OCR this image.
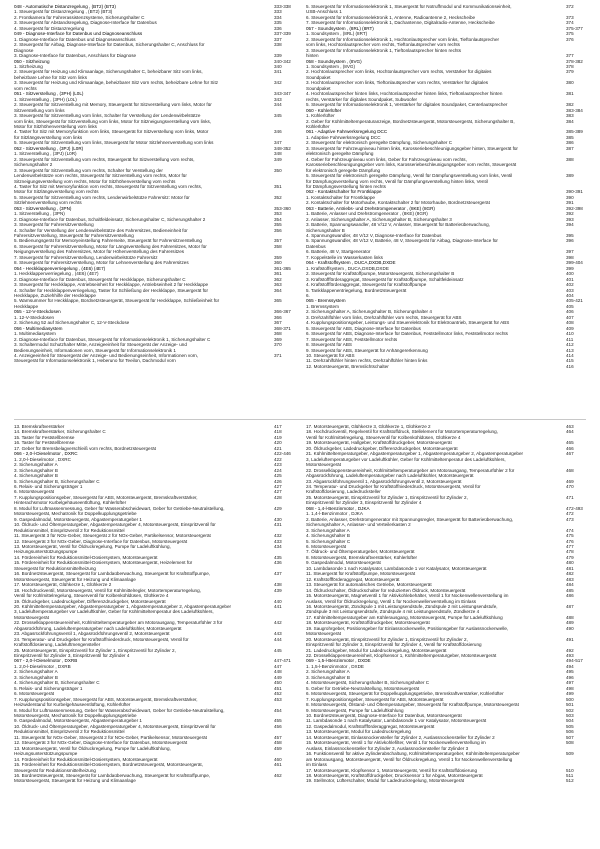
048 - Automatische Distanzregelung , (BT2) (BT3)	333-338
1. Steuergerät für Distanzregelung , (BT2) (BT3)	333
2. Frontkamera für Fahrerassistenzsysteme, Sicherungshalter C	334
3. Steuergerät für Abstandsregelung, Diagnose-Interface für Datenbus	335
4. Steuergerät für Distanzregelung	336
049 - Diagnose-Interface für Datenbus und Diagnoseanschluss	337-339
1. Diagnose-Interface für Datenbus und Diagnoseanschluss	337
2. Steuergerät für Airbag, Diagnose-Interface für Datenbus, Sicherungshalter C, Anschluss für	338
Diagnose
3. Diagnose-Interface für Datenbus, Anschluss für Diagnose	339
050 - Sitzheizung	340-342
1. Sitzheizung	340
2. Steuergerät für Heizung und Klimaanlage, Sicherungshalter C, beheizbarer Sitz vorn links,	341
beheizbare Lehne für Sitz vorn links
3. Steuergerät für Heizung und Klimaanlage, beheizbarer Sitz vorn rechts, beheizbare Lehne für Sitz	342
vorn rechts
051 - Sitzverstellung , (3PH) (L0L)	343-347
1. Sitzverstellung , (3PH) (L0L)	343
2. Steuergerät für Sitzverstellung mit Memory, Steuergerät für Sitzverstellung vorn links, Motor für	344
Sitzverstellung vorn links
3. Steuergerät für Sitzverstellung vorn links, Schalter für Verstellung der Lendenwirbelstütze	345
vorn links, Steuergerät für Sitzverstellung vorn links, Motor für Sitzneigungsverstellung vorn links,
Motor für Sitzhöhenverstellung vorn links
4. Taster für Sitz mit Memoryfunktion vorn links, Steuergerät für Sitzverstellung vorn links, Motor	346
für Sitzlängsverstellung vorn links
5. Steuergerät für Sitzverstellung vorn links, Steuergerät für Motor Sitzlehnenverstellung vorn links	347
052 - Sitzverstellung , (3PJ) (L0R)	348-352
1. Sitzverstellung , (3PJ) (L0R)	348
2. Steuergerät für Sitzverstellung vorn rechts, Steuergerät für Sitzverstellung vorn rechts,	349
Sicherungshalter 2
3. Steuergerät für Sitzverstellung vorn rechts, Schalter für Verstellung der	350
Lendenwirbelstütze vorn rechts, Steuergerät für Sitzverstellung vorn rechts, Motor für
Sitzneigungsverstellung vorn rechts, Motor für Sitzhöhenverstellung vorn rechts
4. Taster für Sitz mit Memoryfunktion vorn rechts, Steuergerät für Sitzverstellung vorn rechts,	351
Motor für Sitzlängsverstellung vorn rechts
5. Steuergerät für Sitzverstellung vorn rechts, Lendenwirbelstütze Fahrersitz: Motor für	352
Sitzlehnenverstellung vorn rechts
053 - Sitzverstellung , (3PN)	353-360
1. Sitzverstellung , (3PN)	353
2. Diagnose-Interface für Datenbus, Schaltfeldeinsatz, Sicherungshalter C, Sicherungshalter 2	354
3. Steuergerät für Fahrersitzverstellung	355
4. Schalter für Verstellung der Lendenwirbelstütze des Fahrersitzes, Bedieneinheit für	356
Fahrersitzverstellung, Steuergerät für Fahrersitzverstellung
5. Bedienungsgerät für Memoryeinstellung Fahrerseite, Steuergerät für Fahrersitzverstellung	357
6. Steuergerät für Fahrersitzverstellung, Motor für Längsverstellung des Fahrersitzes, Motor für	358
Neigungsverstellung des Fahrersitzes, Motor für Höhenverstellung des Fahrersitzes
7. Steuergerät für Fahrersitzverstellung, Lendenwirbelstütze Fahrersitz	359
8. Steuergerät für Fahrersitzverstellung, Motor für Lehnenverstellung des Fahrersitzes	360
054 - Heckklappenverriegelung , (4E6) (4E7)	361-365
1. Heckklappenverriegelung , (4E6) (4E7)	361
2. Diagnose-Interface für Datenbus, Steuergerät für Heckklappe, Sicherungshalter C	362
3. Steuergerät für Heckklappe, Antriebseinheit für Heckklappe, Antriebseinheit 2 für Heckklappe	363
4. Schalter für Heckklappenverriegelung, Taster für Schließung der Heckklappe, Steuergerät für	364
Heckklappe, Zuziehhilfe der Heckklappe
5. Warnsummer für Heckklappe, Bordnetzsteuergerät, Steuergerät für Heckklappe, Schließeinheit für	365
Heckklappe
055 - 12-V-Steckdosen	366-367
1. 12-V-Steckdosen	366
2. Sicherung 52 auf Sicherungshalter C, 12-V-Steckdose	367
056 - Multimediasystem	368-371
1. Multimediasystem	368
2. Diagnose-Interface für Datenbus, Steuergerät für Informationselektronik 1, Sicherungshalter C	369
3. Schaltermodul Schutzhalter Mitte, Anzeigeeinheit für Steuergerät der Anzeige- und	370
Bedienungseinheit, Informationen vorn, Steuergerät für Informationselektronik 1
4. Anzeigeeinheit für Steuergerät der Anzeige- und Bedienungseinheit, Informationen vorn,	371
Steuergerät für Informationselektronik 1, Heberuno für Teeilon, Dachmodul vorn
5. Steuergerät für Informationselektronik 1, Steuergerät für Notruffmodul und Kommunikationseinheit,	372
USB-Anschluss 1
6. Steuergerät für Informationselektronik 1, Antenne, Radioantenne 2, Heckscheibe	373
7. Steuergerät für Informationselektronik 1, Dachantenne, Digitalradio-Antenne, Heckscheibe	374
057 - Soundsystem , (8RL) (8RT)	375-377
1. Soundsystem , (8RL) (8RT)	375
2. Steuergerät für Informationselektronik 1, Hochtonlautsprecher vorn links, Tieftonlautsprecher	376
vorn links, Hochtonlautsprecher vorn rechts, Tieftonlautsprecher vorn rechts
3. Steuergerät für Informationselektronik 1, Tieftonlautsprecher hinten rechts
hinten	377
058 - Soundsystem , (8VG)	378-382
1. Soundsystem , (8VG)	378
2. Hochtonlautsprecher vorn links, Hochtonlautsprecher vorn rechts, Verstärker für digitales	379
Soundpaket
3. Hochtonlautsprecher vorn links, Tieftonlautsprecher vorn rechts, Verstärker für digitales	380
Soundpaket
4. Hochtonlautsprecher hinten links, Hochtonlautsprecher hinten links, Tieftonlautsprecher hinten	381
rechts, Verstärker für digitales Soundpaket, Subwoofer
5. Steuergerät für Informationselektronik 1, Verstärker für digitales Soundpaket, Centerlautsprecher	382
060 - Kühlerlüfter	383-384
1. Kühlerlüfter	383
2. Geber für Kühlmitteltemperaturanzeige, Bordnetzsteuergerät, Motorsteuergerät, Sicherungshalter B,	384
Kühlerlüfter
061 - Adaptive Fahrwerksregelung DCC	385-389
1. Adaptive Fahrwerksregelung DCC	385
2. Steuergerät für elektronisch geregelte Dämpfung, Sicherungshalter C	386
3. Steuergerät für Fahrzeugniveau hinten links, Karosseriebeschleunigungsgeber hinten, Steuergerät für	387
elektronisch geregelte Dämpfung
4. Geber für Fahrzeugniveau vorn links, Geber für Fahrzeugniveau vorn rechts,	388
Karosseriebeschleunigungsgeber vorn links, Karosseriebeschleunigungsgeber vorn rechts, Steuergerät
für elektronisch geregelte Dämpfung
5. Steuergerät für elektronisch geregelte Dämpfung, Ventil für Dämpfungsverstellung vorn links, Ventil	389
für Dämpfungsverstellung vorn rechts, Ventil für Dämpfungsverstellung hinten links, Ventil
für Dämpfungsverstellung hinten rechts
062 - Kontaktschalter für Frontklappe	390-391
1. Kontaktschalter für Frontklappe	390
2. Kontaktschalter für Motorhaube, Kontaktschalter 2 für Motorhaube, Bordnetzsteuergerät	391
063 - Batterie, Antriebs- und Drehstromgenerator , (8KE) (8GR)	392-398
1. Batterie, Anlasser und Drehstromgenerator , (8KE) (8GR)	392
2. Anlasser, Sicherungshalter A, Sicherungshalter B, Sicherungshalter 3	393
3. Batterie, Spannungswandler, 48 V/12 V, Anlasser, Steuergerät für Batterieüberwachung,	394
Sicherungshalter B
4. Spannungswandler, 48 V/12 V, Diagnose-Interface für Datenbus	395
5. Spannungswandler, 48 V/12 V, Batterie, 48 V, Steuergerät für Airbag, Diagnose-Interface für	396
Datenbus
6. Batterie, 48 V, Startgenerator	397
7. Koppelstelle im Wasserkasten links	398
064 - Kraftstoffsystem , DUCA,DXDB,DXDE	399-404
1. Kraftstoffsystem , DUCA,DXDB,DXDE	399
2. Steuergerät für Kraftstoffpumpe, Motorsteuergerät, Sicherungshalter B	400
3. Kraftstoffförderaggregat, Steuergerät für Kraftstoffpumpe, Schaltfeldeinsatz	401
4. Kraftstoffförderaggregat, Steuergerät für Kraftstoffpumpe	402
5. Tankklappenentriegelung, Bordnetzsteuergerät	403
6.	404
065 - Bremssystem	405-421
1. Bremssystem	405
2. Sicherungshalter A, Sicherungshalter B, Sicherungshalter 4	406
3. Drehzahlfühler vorn links, Drehzahlfühler vorn rechts, Steuergerät für ABS	407
4. Kupplungspositionsgeber, Leistungs- und Steuerelektronik für Elektroantrieb, Steuergerät für ABS	408
5. Steuergerät für ABS, Diagnose-Interface für Datenbus	409
6. Steuergerät für ABS, Diagnose-Interface für Datenbus, Feststellmotor links, Feststellmotor rechts	410
7. Steuergerät für ABS, Feststellmotor rechts	411
8. Steuergerät für ABS	412
9. Steuergerät für ABS, Steuergerät für Anhängererkennung	413
10. Steuergerät für ABS	414
11. Drehzahlfühler hinten rechts, Drehzahlfühler hinten links	415
12. Motorsteuergerät, Bremslichtschalter	416
13. Bremskraftverstärker	417
14. Bremskraftverstärker, Sicherungshalter C	418
15. Taster für Feststellbremse	419
16. Taster für Feststellbremse	420
17. Geber für Bremsbelagverschleiß vorn rechts, Bordnetzsteuergerät	421
066 - 2,0-l-Dieselmotor , DXRC	422-446
1. 2,0-l-Dieselmotor , DXRC	422
2. Sicherungshalter A	423
3. Sicherungshalter B	424
4. Sicherungshalter B	425
5. Sicherungshalter B, Sicherungshalter C	426
6. Relais- und Sicherungsträger 1	427
6. Motorsteuergerät	427
7. Kupplungspositionsgeber, Steuergerät für ABS, Motorsteuergerät, Bremskraftverstärker,	428
Hinterachsmotor Kurbelgehäuseentlüftung, Kühlerlüfter
8. Modul für Luftmassenmessung, Geber für Wasserabscheidewart, Geber für Getriebe-Neutralstellung,	429
Motorsteuergerät, Mechatronik für Doppelkupplungsgetriebe
9. Gaspedalmodul, Motorsteuergerät, Abgastemperaturgeber 1	430
10. Öldruck- und Öltemperaturgeber, Abgastemperaturgeber 4, Motorsteuergerät, Einspritzventil für	431
Reduktionsmittel, Einspritzventil 2 für Reduktionsmittel
11. Steuergerät 3 für NOx-Geber, Steuergerät 2 für NOx-Geber, Partikelsensor, Motorsteuergerät	432
12. Steuergerät 3 für NOx-Geber, Diagnose-Interface für Datenbus, Motorsteuergerät	433
13. Motorsteuergerät, Ventil für Öldruckregelung, Pumpe für Ladeluftkühlung,	434
Heizungsunterstützungspumpe
14. Fördereinheit für Reduktionsmittel-Dosiersystem, Motorsteuergerät	435
15. Fördereinheit für Reduktionsmittel-Dosiersystem, Motorsteuergerät, Heizelement für	436
Steuergerät für Reduktionsmittelheizung
16. Bordnetzsteuergerät, Steuergerät für Lambdaüberwachung, Steuergerät für Kraftstoffpumpe,	437
Motorsteuergerät, Steuergerät für Heizung und Klimaanlage
17. Motorsteuergerät, Glühkerze 1, Glühkerze 2	438
18. Hochdruckventil, Motorsteuergerät, Ventil für Kühlmittelregler, Motortemperaturregelung,	439
Ventil für Kühlmittelregelung, Steuerventil für Kolbenkühldüsen, Glühkerze 4
19. Öldruckgeber, Ladedruckgeber, Differenzdruckgeber, Motorsteuergerät	440
20. Kühlmitteltemperaturgeber, Abgastemperaturgeber 1, Abgastemperaturgeber 2, Abgastemperaturgeber	441
3, Ladeluftemperaturgeber vor Ladeluftkühler, Geber für Kühlmitteltemperatur des Ladeluftkühlers,
Motorsteuergerät
22. Drosselklappensteuereinheit, Kühlmitteltemperaturgeber am Motorausgang, Temperaturfühler 3 für	442
Abgasrückführung, Ladeluftemperaturgeber nach Ladeluftkühler, Motorsteuergerät
23. Abgasrückführungsventil 1, Abgasrückführungsventil 2, Motorsteuergerät	443
24. Temperatur- und Druckgeber für Kraftstoffniederdruck, Motorsteuergerät, Ventil für	444
Kraftstoffdosierung, Ladeluftmengensteller
25. Motorsteuergerät, Einspritzventil für Zylinder 1, Einspritzventil für Zylinder 2,	445
Einspritzventil für Zylinder 3, Einspritzventil für Zylinder 4
067 - 2,0-l-Dieselmotor , DXRB	447-471
1. 2,0-l-Dieselmotor , DXRB	447
2. Sicherungshalter A	448
3. Sicherungshalter B	449
4. Sicherungshalter B, Sicherungshalter C	450
5. Relais- und Sicherungsträger 1	451
6. Motorsteuergerät	452
7. Kupplungspositionsgeber, Steuergerät für ABS, Motorsteuergerät, Bremskraftverstärker,	453
Heizwiderstand für Kurbelgehäuseentlüftung, Kühlerlüfter
8. Modul für Luftmassenmessung, Geber für Wasserabscheidewart, Geber für Getriebe-Neutralstellung,	454
Motorsteuergerät, Mechatronik für Doppelkupplungsgetriebe
9. Gaspedalmodul, Motorsteuergerät, Abgastemperaturgeber 1	455
10. Öldruck- und Öltemperaturgeber, Abgastemperaturgeber 4, Motorsteuergerät, Einspritzventil für	456
Reduktionsmittel, Einspritzventil 2 für Reduktionsmittel
11. Steuergerät für NOx-Geber, Steuergerät 2 für NOx-Geber, Partikelsensor, Motorsteuergerät	457
12. Steuergerät 3 für NOx-Geber, Diagnose-Interface für Datenbus, Motorsteuergerät	458
13. Motorsteuergerät, Ventil für Öldruckregelung, Pumpe für Ladeluftkühlung,	459
Heizungsunterstützungspumpe
14. Fördereinheit für Reduktionsmittel-Dosiersystem, Motorsteuergerät	460
15. Fördereinheit für Reduktionsmittel-Dosiersystem, Bordnetzsteuergerät, Motorsteuergerät,	461
Steuergerät für Reduktionsmittelheizung
16. Bordnetzsteuergerät, Steuergerät für Lambdaüberwachung, Steuergerät für Kraftstoffpumpe,	462
Motorsteuergerät, Steuergerät für Heizung und Klimaanlage
17. Motorsteuergerät, Glühkerze 3, Glühkerze 1, Glühkerze 2	463
18. Hochdruckventil, Regelventil für Kraftstoffdruck, Stellelement für Motortemperaturregelung,	464
Ventil für Kühlmittelregelung, Steuerventil für Kolbenkühldüsen, Glühkerze 4
19. Motorsteuergerät, Hallgeber, Kraftstoffdruckgeber, Motorsteuergerät	465
20. Öldruckgeber, Ladedruckgeber, Differenzdruckgeber, Motorsteuergerät	466
21. Kühlmitteltemperaturgeber, Abgastemperaturgeber 1, Abgastemperaturgeber 2, Abgastemperaturgeber	467
3, Ladeluftemperaturgeber vor Ladeluftkühler, Geber für Kühlmitteltemperatur des Ladeluftkühlers,
Motorsteuergerät
22. Drosselklappensteuereinheit, Kühlmitteltemperaturgeber am Motorausgang, Temperaturfühler 2 für	468
Abgasrückführung, Ladeluftemperaturgeber nach Ladeluftkühler, Motorsteuergerät
23. Abgasrückführungsventil 1, Abgasrückführungsventil 2, Motorsteuergerät	469
24. Temperatur- und Druckgeber für Kraftstoffniederdruck, Motorsteuergerät, Ventil für	470
Kraftstoffdosierung, Ladedrucksteller
25. Motorsteuergerät, Einspritzventil für Zylinder 1, Einspritzventil für Zylinder 2,	471
Einspritzventil für Zylinder 3, Einspritzventil für Zylinder 4
068 - 1,4-l-Benzinmotor , DJKA	472-493
1. 1,4-l-Benzinmotor , DJKA	472
2. Batterie, Anlasser, Drehstromgenerator mit Spannungsregler, Steuergerät für Batterieüberwachung,	473
Sicherungshalter A, Anlasser- und Verteilerkasten 2
3. Sicherungshalter A	474
4. Sicherungshalter B	475
5. Sicherungshalter C	476
6. Motorsteuergerät	477
7. Öldruck- und Öltemperaturgeber, Motorsteuergerät	478
8. Motorsteuergerät, Bremskraftverstärker, Kühlerlüfter	479
9. Gaspedalmodul, Motorsteuergerät	480
10. Lambdasonde 1 nach Katalysator, Lambdasonde 1 vor Katalysator, Motorsteuergerät	481
11. Steuergerät für Kraftstoffpumpe, Motorsteuergerät	482
12. Kraftstoffförderaggregat, Motorsteuergerät	483
13. Steuergerät für automatisches Getriebe, Motorsteuergerät	484
14. Öldruckschalter, Öldruckschalter für reduzierten Öldruck, Motorsteuergerät	485
15. Motorsteuergerät, Magnetventil 1 für Aktivkohlebehälter, Ventil 1 für Nockenwellenverstellung im	486
Auslass, Ventil für Öldruckregelung, Ventil 1 für Nockenwellenverstellung im Einlass
16. Motorsteuergerät, Zündspule 1 mit Leistungsendstufe, Zündspule 2 mit Leistungsendstufe,	487
Zündspule 3 mit Leistungsendstufe, Zündspule 4 mit Leistungsendstufe, Zündkerze 4
17. Kühlmitteltemperaturgeber am Kühlerausgang, Motorsteuergerät, Pumpe für Ladeluftkühlung	488
18. Motorsteuergerät, Kraftstoffdruckgeber, Motorsteuergerät	489
19. Saugrohrgeber, Positionsgeber für Einlassnockenwelle, Positionsgeber für Auslassnockenwelle,	490
Motorsteuergerät
20. Motorsteuergerät, Einspritzventil für Zylinder 1, Einspritzventil für Zylinder 2,	491
Einspritzventil für Zylinder 3, Einspritzventil für Zylinder 4, Ventil für Kraftstoffdosierung
21. Ladedruckgeber, Modul für Ladedruckregelung, Motorsteuergerät	492
22. Drosselklappensteuereinheit, Klopfsensor 1, Kühlmitteltemperaturgeber, Motorsteuergerät	493
069 - 1,5-l-Benzinmotor , DXDE	494-517
1. 1,5-l-Benzinmotor , DXDE	494
2. Sicherungshalter A	495
3. Sicherungshalter B	496
4. Motorsteuergerät, Sicherungshalter B, Sicherungshalter C	497
5. Geber für Getriebe-Neutralstellung, Motorsteuergerät	498
6. Motorsteuergerät, Steuergerät für Doppelkupplungsgetriebe, Bremskraftverstärker, Kühlerlüfter	499
7. Kupplungspositionsgeber, Steuergerät für ABS, Motorsteuergerät	500
8. Motorsteuergerät, Ölstand- und Öltemperaturgeber, Steuergerät für Kraftstoffpumpe, Motorsteuergerät	501
9. Motorsteuergerät, Pumpe für Ladeluftkühlung	502
10. Bordnetzsteuergerät, Diagnose-Interface für Datenbus, Motorsteuergerät	503
11. Lambdasonde 1 nach Katalysator, Lambdasonde 1 vor Katalysator, Motorsteuergerät	504
12. Gaspedalmodul, Kraftstoffförderaggregat, Motorsteuergerät	505
13. Motorsteuergerät, Modul für Ladedruckregelung	506
14. Motorsteuergerät, Einlassnockensteller für Zylinder 2, Auslassnockensteller für Zylinder 2	507
15. Motorsteuergerät, Ventil 1 für Aktivkohlefilter, Ventil 1 für Nockenwellenverstellung im	508
Auslass, Einlassnockensteller für Zylinder 3, Auslassnockensteller für Zylinder 3
16. Funktionsventil für aktive Zylinderabschaltung, Kühlmitteltemperaturgeber, Kühlmitteltemperaturgeber	509
am Motorausgang, Motorsteuergerät, Ventil für Öldruckregelung, Ventil 1 für Nockenwellenverstellung
im Einlass
17. Motorsteuergerät, Klopfsensor 1, Motorsteuergerät, Ventil für Kraftstoffdosierung	510
18. Motorsteuergerät, Kraftstoffdruckgeber, Drucksensor 1 für Abgas, Motorsteuergerät	511
19. Stellmotor, Lüfterschalter, Modul für Ladedruckregelung, Motorsteuergerät	512
